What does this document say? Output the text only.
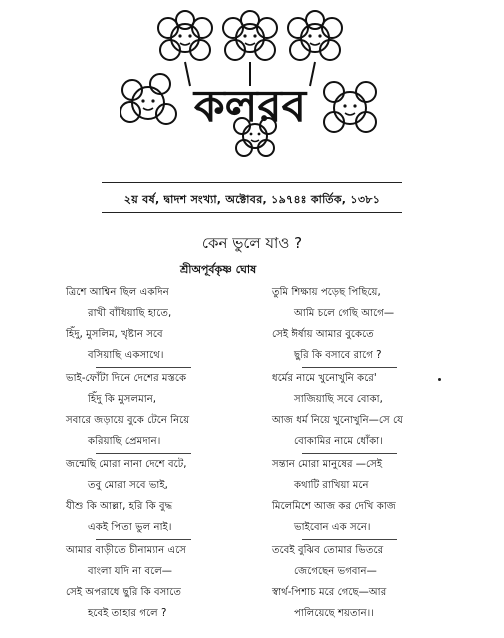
কলরব
২য় বর্ষ, দ্বাদশ সংখ্যা, অক্টোবর, ১৯৭৪ঃ কার্তিক, ১৩৮১
কেন ভুলে যাও ?
শ্রীঅপূর্বকৃষ্ণ ঘোষ
ত্রিশে আশ্বিন ছিল একদিন
রাখী বাঁধিয়াছি হাতে,
হিঁদু, মুসলিম, খৃষ্টান সবে
বসিয়াছি একসাথে।
ভাই-ফোঁটা দিনে দেশের মস্তকে
হিঁদু কি মুসলমান,
সবারে জড়ায়ে বুকে টেনে নিয়ে
করিয়াছি প্রেমদান।
জন্মেছি মোরা নানা দেশে বটে,
তবু মোরা সবে ভাই,
যীশু কি আল্লা, হরি কি বুদ্ধ
একই পিতা ভুল নাই।
আমার বাড়ীতে চীনাম্যান এসে
বাংলা যদি না বলে—
সেই অপরাধে ছুরি কি বসাতে
হবেই তাহার গলে ?
তুমি শিক্ষায় পড়েছ পিছিয়ে,
আমি চলে গেছি আগে—
সেই ঈর্ষায় আমার বুকেতে
ছুরি কি বসাবে রাগে ?
ধর্মের নামে খুনোখুনি করে'
সাজিয়াছি সবে বোকা,
আজ ধর্ম নিয়ে খুনোখুনি—সে যে
বোকামির নামে ধোঁকা।
সন্তান মোরা মানুষের —সেই
কথাটি রাখিয়া মনে
মিলেমিশে আজ কর দেখি কাজ
ভাইবোন এক সনে।
তবেই বুঝিব তোমার ভিতরে
জেগেছেন ভগবান—
স্বার্থ-পিশাচ মরে গেছে—আর
পালিয়েছে শয়তান।।
